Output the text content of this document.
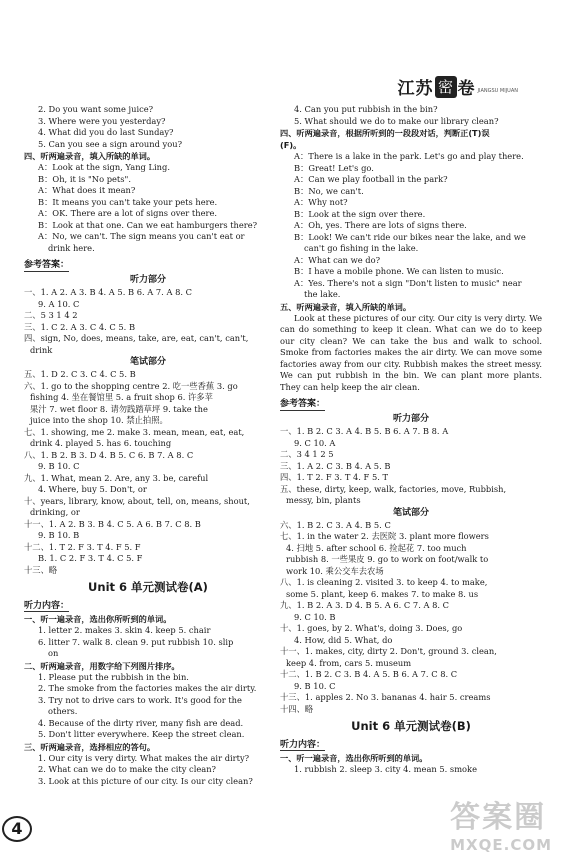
江苏 密 卷 JIANGSU MIJUAN
2. Do you want some juice?
3. Where were you yesterday?
4. What did you do last Sunday?
5. Can you see a sign around you?
四、听两遍录音，填入所缺的单词。
A：Look at the sign, Yang Ling.
B：Oh, it is "No pets".
A：What does it mean?
B：It means you can't take your pets here.
A：OK. There are a lot of signs over there.
B：Look at that one. Can we eat hamburgers there?
A：No, we can't. The sign means you can't eat or
drink here.
参考答案：
听力部分
一、1. A 2. A 3. B 4. A 5. B 6. A 7. A 8. C
9. A 10. C
二、5 3 1 4 2
三、1. C 2. A 3. C 4. C 5. B
四、sign, No, does, means, take, are, eat, can't, can't,
drink
笔试部分
五、1. D 2. C 3. C 4. C 5. B
六、1. go to the shopping centre 2. 吃一些香蕉 3. go
fishing 4. 坐在餐馆里 5. a fruit shop 6. 许多苹
果汁 7. wet floor 8. 请勿践踏草坪 9. take the
juice into the shop 10. 禁止拍照。
七、1. showing, me 2. make 3. mean, mean, eat, eat,
drink 4. played 5. has 6. touching
八、1. B 2. B 3. D 4. B 5. C 6. B 7. A 8. C
9. B 10. C
九、1. What, mean 2. Are, any 3. be, careful
4. Where, buy 5. Don't, or
十、years, library, know, about, tell, on, means, shout,
drinking, or
十一、1. A 2. B 3. B 4. C 5. A 6. B 7. C 8. B
9. B 10. B
十二、1. T 2. F 3. T 4. F 5. F
B. 1. C 2. F 3. T 4. C 5. F
十三、略
Unit 6 单元测试卷(A)
听力内容：
一、听一遍录音，选出你所听到的单词。
1. letter 2. makes 3. skin 4. keep 5. chair
6. litter 7. walk 8. clean 9. put rubbish 10. slip
on
二、听两遍录音，用数字给下列图片排序。
1. Please put the rubbish in the bin.
2. The smoke from the factories makes the air dirty.
3. Try not to drive cars to work. It's good for the
others.
4. Because of the dirty river, many fish are dead.
5. Don't litter everywhere. Keep the street clean.
三、听两遍录音，选择相应的答句。
1. Our city is very dirty. What makes the air dirty?
2. What can we do to make the city clean?
3. Look at this picture of our city. Is our city clean?
4. Can you put rubbish in the bin?
5. What should we do to make our library clean?
四、听两遍录音，根据所听到的一段段对话，判断正(T)误
(F)。
A：There is a lake in the park. Let's go and play there.
B：Great! Let's go.
A：Can we play football in the park?
B：No, we can't.
A：Why not?
B：Look at the sign over there.
A：Oh, yes. There are lots of signs there.
B：Look! We can't ride our bikes near the lake, and we
can't go fishing in the lake.
A：What can we do?
B：I have a mobile phone. We can listen to music.
A：Yes. There's not a sign "Don't listen to music" near
the lake.
五、听两遍录音，填入所缺的单词。
Look at these pictures of our city. Our city is very dirty. We can do something to keep it clean. What can we do to keep our city clean? We can take the bus and walk to school. Smoke from factories makes the air dirty. We can move some factories away from our city. Rubbish makes the street messy. We can put rubbish in the bin. We can plant more plants. They can help keep the air clean.
参考答案：
听力部分
一、1. B 2. C 3. A 4. B 5. B 6. A 7. B 8. A
9. C 10. A
二、3 4 1 2 5
三、1. A 2. C 3. B 4. A 5. B
四、1. T 2. F 3. T 4. F 5. T
五、these, dirty, keep, walk, factories, move, Rubbish,
messy, bin, plants
笔试部分
六、1. B 2. C 3. A 4. B 5. C
七、1. in the water 2. 去医院 3. plant more flowers
4. 扫地 5. after school 6. 捡起花 7. too much
rubbish 8. 一些果皮 9. go to work on foot/walk to
work 10. 乘公交车去农场
八、1. is cleaning 2. visited 3. to keep 4. to make,
some 5. plant, keep 6. makes 7. to make 8. us
九、1. B 2. A 3. D 4. B 5. A 6. C 7. A 8. C
9. C 10. B
十、1. goes, by 2. What's, doing 3. Does, go
4. How, did 5. What, do
十一、1. makes, city, dirty 2. Don't, ground 3. clean,
keep 4. from, cars 5. museum
十二、1. B 2. C 3. B 4. A 5. B 6. A 7. C 8. C
9. B 10. C
十三、1. apples 2. No 3. bananas 4. hair 5. creams
十四、略
Unit 6 单元测试卷(B)
听力内容：
一、听一遍录音，选出你所听到的单词。
1. rubbish 2. sleep 3. city 4. mean 5. smoke
4	答案圈
MXQE.COM
